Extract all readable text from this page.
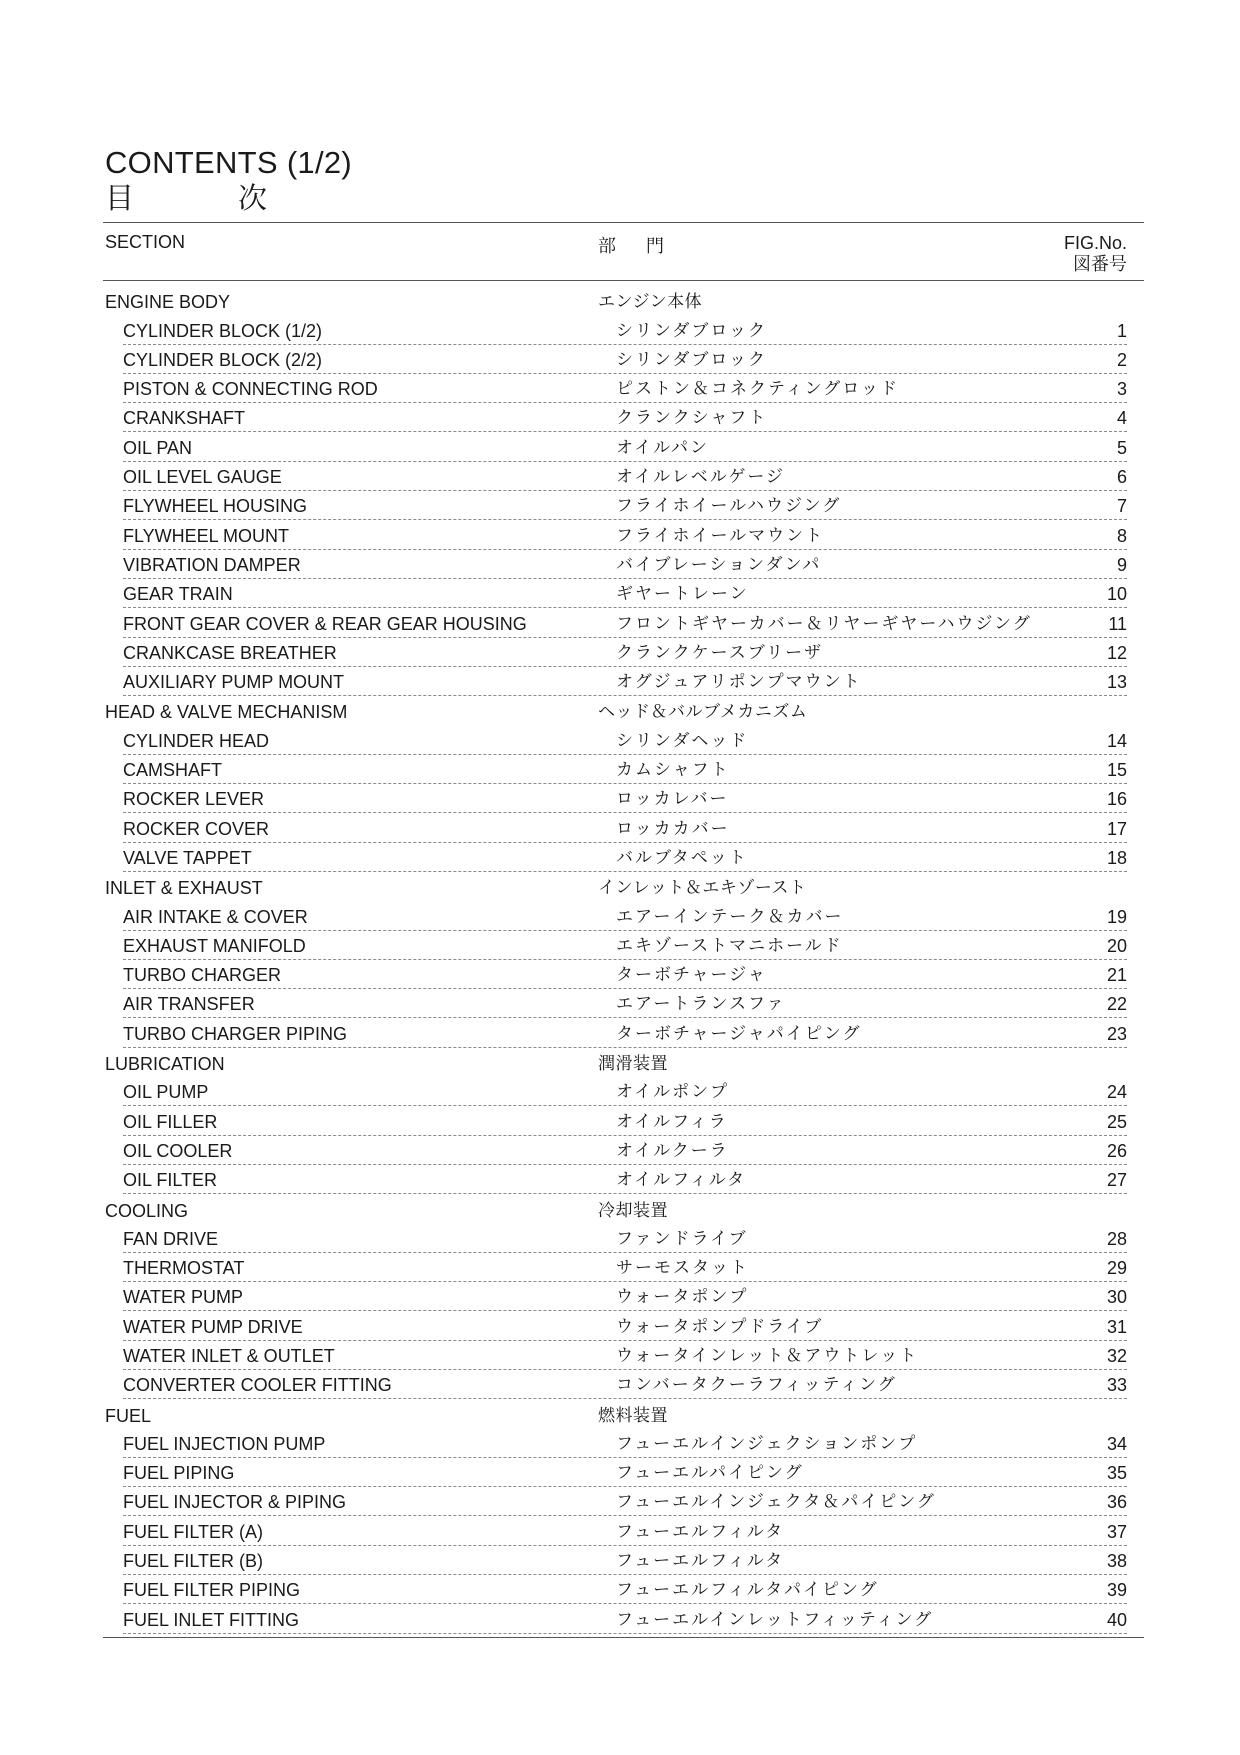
CONTENTS (1/2)
目次
SECTION	部門	FIG.No.
図番号
ENGINE BODY	エンジン本体
CYLINDER BLOCK (1/2)	シリンダブロック	1
CYLINDER BLOCK (2/2)	シリンダブロック	2
PISTON & CONNECTING ROD	ピストン＆コネクティングロッド	3
CRANKSHAFT	クランクシャフト	4
OIL PAN	オイルパン	5
OIL LEVEL GAUGE	オイルレベルゲージ	6
FLYWHEEL HOUSING	フライホイールハウジング	7
FLYWHEEL MOUNT	フライホイールマウント	8
VIBRATION DAMPER	バイブレーションダンパ	9
GEAR TRAIN	ギヤートレーン	10
FRONT GEAR COVER & REAR GEAR HOUSING	フロントギヤーカバー＆リヤーギヤーハウジング	11
CRANKCASE BREATHER	クランクケースブリーザ	12
AUXILIARY PUMP MOUNT	オグジュアリポンプマウント	13
HEAD & VALVE MECHANISM	ヘッド＆バルブメカニズム
CYLINDER HEAD	シリンダヘッド	14
CAMSHAFT	カムシャフト	15
ROCKER LEVER	ロッカレバー	16
ROCKER COVER	ロッカカバー	17
VALVE TAPPET	バルブタペット	18
INLET & EXHAUST	インレット＆エキゾースト
AIR INTAKE & COVER	エアーインテーク＆カバー	19
EXHAUST MANIFOLD	エキゾーストマニホールド	20
TURBO CHARGER	ターボチャージャ	21
AIR TRANSFER	エアートランスファ	22
TURBO CHARGER PIPING	ターボチャージャパイピング	23
LUBRICATION	潤滑装置
OIL PUMP	オイルポンプ	24
OIL FILLER	オイルフィラ	25
OIL COOLER	オイルクーラ	26
OIL FILTER	オイルフィルタ	27
COOLING	冷却装置
FAN DRIVE	ファンドライブ	28
THERMOSTAT	サーモスタット	29
WATER PUMP	ウォータポンプ	30
WATER PUMP DRIVE	ウォータポンプドライブ	31
WATER INLET & OUTLET	ウォータインレット＆アウトレット	32
CONVERTER COOLER FITTING	コンバータクーラフィッティング	33
FUEL	燃料装置
FUEL INJECTION PUMP	フューエルインジェクションポンプ	34
FUEL PIPING	フューエルパイピング	35
FUEL INJECTOR & PIPING	フューエルインジェクタ＆パイピング	36
FUEL FILTER (A)	フューエルフィルタ	37
FUEL FILTER (B)	フューエルフィルタ	38
FUEL FILTER PIPING	フューエルフィルタパイピング	39
FUEL INLET FITTING	フューエルインレットフィッティング	40
